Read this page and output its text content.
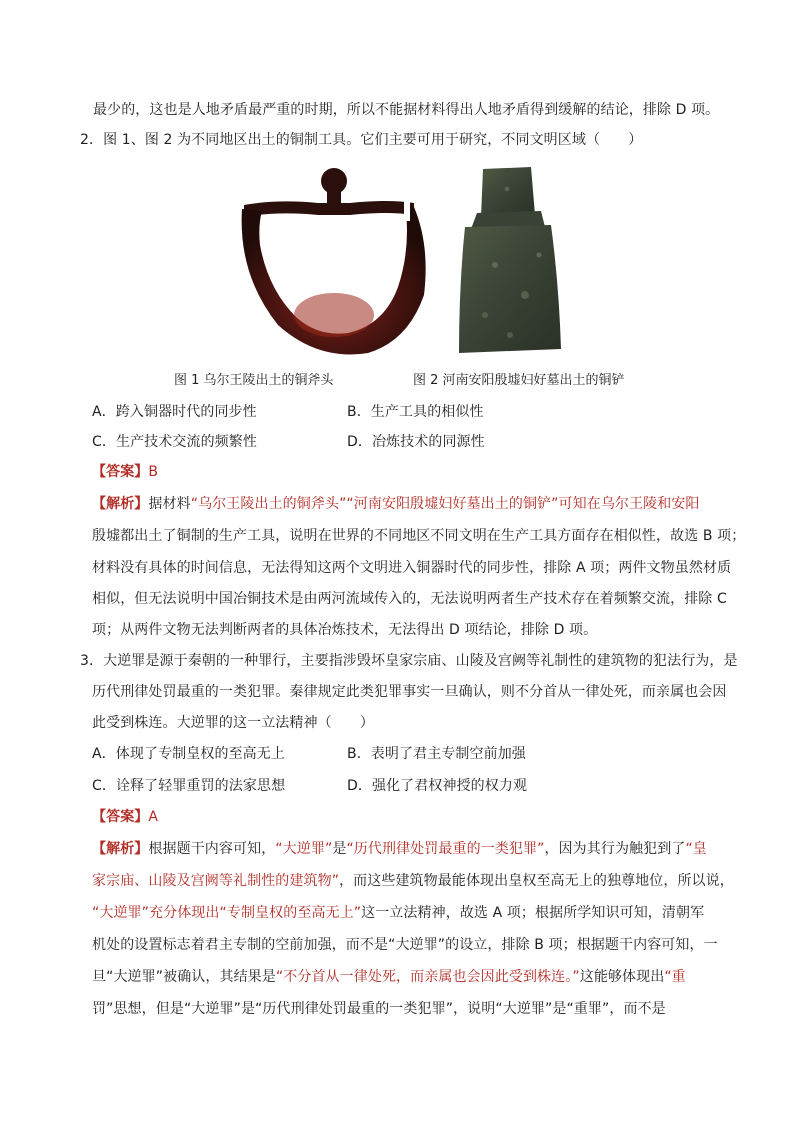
最少的，这也是人地矛盾最严重的时期，所以不能据材料得出人地矛盾得到缓解的结论，排除 D 项。
2．图 1、图 2 为不同地区出土的铜制工具。它们主要可用于研究，不同文明区域（　　）
图 1 乌尔王陵出土的铜斧头	图 2 河南安阳殷墟妇好墓出土的铜铲
A．跨入铜器时代的同步性	B．生产工具的相似性
C．生产技术交流的频繁性	D．冶炼技术的同源性
【答案】B
【解析】据材料“乌尔王陵出土的铜斧头”“河南安阳殷墟妇好墓出土的铜铲”可知在乌尔王陵和安阳
殷墟都出土了铜制的生产工具，说明在世界的不同地区不同文明在生产工具方面存在相似性，故选 B 项；
材料没有具体的时间信息，无法得知这两个文明进入铜器时代的同步性，排除 A 项；两件文物虽然材质
相似，但无法说明中国冶铜技术是由两河流域传入的，无法说明两者生产技术存在着频繁交流，排除 C
项；从两件文物无法判断两者的具体冶炼技术，无法得出 D 项结论，排除 D 项。
3．大逆罪是源于秦朝的一种罪行，主要指涉毁坏皇家宗庙、山陵及宫阙等礼制性的建筑物的犯法行为，是
历代刑律处罚最重的一类犯罪。秦律规定此类犯罪事实一旦确认，则不分首从一律处死，而亲属也会因
此受到株连。大逆罪的这一立法精神（　　）
A．体现了专制皇权的至高无上	B．表明了君主专制空前加强
C．诠释了轻罪重罚的法家思想	D．强化了君权神授的权力观
【答案】A
【解析】根据题干内容可知，“大逆罪”是“历代刑律处罚最重的一类犯罪”，因为其行为触犯到了“皇
家宗庙、山陵及宫阙等礼制性的建筑物”，而这些建筑物最能体现出皇权至高无上的独尊地位，所以说，
“大逆罪”充分体现出“专制皇权的至高无上”这一立法精神，故选 A 项；根据所学知识可知，清朝军
机处的设置标志着君主专制的空前加强，而不是“大逆罪”的设立，排除 B 项；根据题干内容可知，一
旦“大逆罪”被确认，其结果是“不分首从一律处死，而亲属也会因此受到株连。”这能够体现出“重
罚”思想，但是“大逆罪”是“历代刑律处罚最重的一类犯罪”，说明“大逆罪”是“重罪”，而不是
